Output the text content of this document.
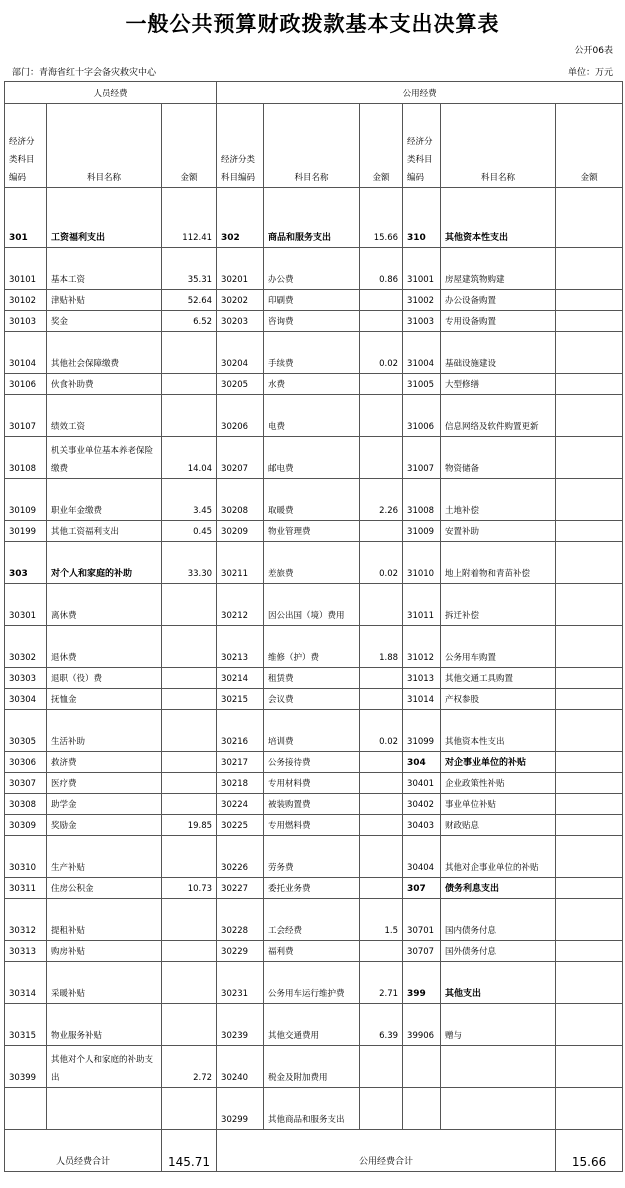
一般公共预算财政拨款基本支出决算表
公开06表
部门：青海省红十字会备灾救灾中心	单位：万元
人员经费			公用经费					
经济分类科目编码	科目名称	金额	经济分类科目编码	科目名称	金额	经济分类科目编码	科目名称	金额
301	工资福利支出	112.41	302	商品和服务支出	15.66	310	其他资本性支出	
30101	基本工资	35.31	30201	办公费	0.86	31001	房屋建筑物购建	
30102	津贴补贴	52.64	30202	印刷费		31002	办公设备购置	
30103	奖金	6.52	30203	咨询费		31003	专用设备购置	
30104	其他社会保障缴费		30204	手续费	0.02	31004	基础设施建设	
30106	伙食补助费		30205	水费		31005	大型修缮	
30107	绩效工资		30206	电费		31006	信息网络及软件购置更新	
30108	机关事业单位基本养老保险缴费	14.04	30207	邮电费		31007	物资储备	
30109	职业年金缴费	3.45	30208	取暖费	2.26	31008	土地补偿	
30199	其他工资福利支出	0.45	30209	物业管理费		31009	安置补助	
303	对个人和家庭的补助	33.30	30211	差旅费	0.02	31010	地上附着物和青苗补偿	
30301	离休费		30212	因公出国（境）费用		31011	拆迁补偿	
30302	退休费		30213	维修（护）费	1.88	31012	公务用车购置	
30303	退职（役）费		30214	租赁费		31013	其他交通工具购置	
30304	抚恤金		30215	会议费		31014	产权参股	
30305	生活补助		30216	培训费	0.02	31099	其他资本性支出	
30306	救济费		30217	公务接待费		304	对企事业单位的补贴	
30307	医疗费		30218	专用材料费		30401	企业政策性补贴	
30308	助学金		30224	被装购置费		30402	事业单位补贴	
30309	奖励金	19.85	30225	专用燃料费		30403	财政贴息	
30310	生产补贴		30226	劳务费		30404	其他对企事业单位的补贴	
30311	住房公积金	10.73	30227	委托业务费		307	债务利息支出	
30312	提租补贴		30228	工会经费	1.5	30701	国内债务付息	
30313	购房补贴		30229	福利费		30707	国外债务付息	
30314	采暖补贴		30231	公务用车运行维护费	2.71	399	其他支出	
30315	物业服务补贴		30239	其他交通费用	6.39	39906	赠与	
30399	其他对个人和家庭的补助支出	2.72	30240	税金及附加费用				
			30299	其他商品和服务支出				
人员经费合计		145.71	公用经费合计					15.66
